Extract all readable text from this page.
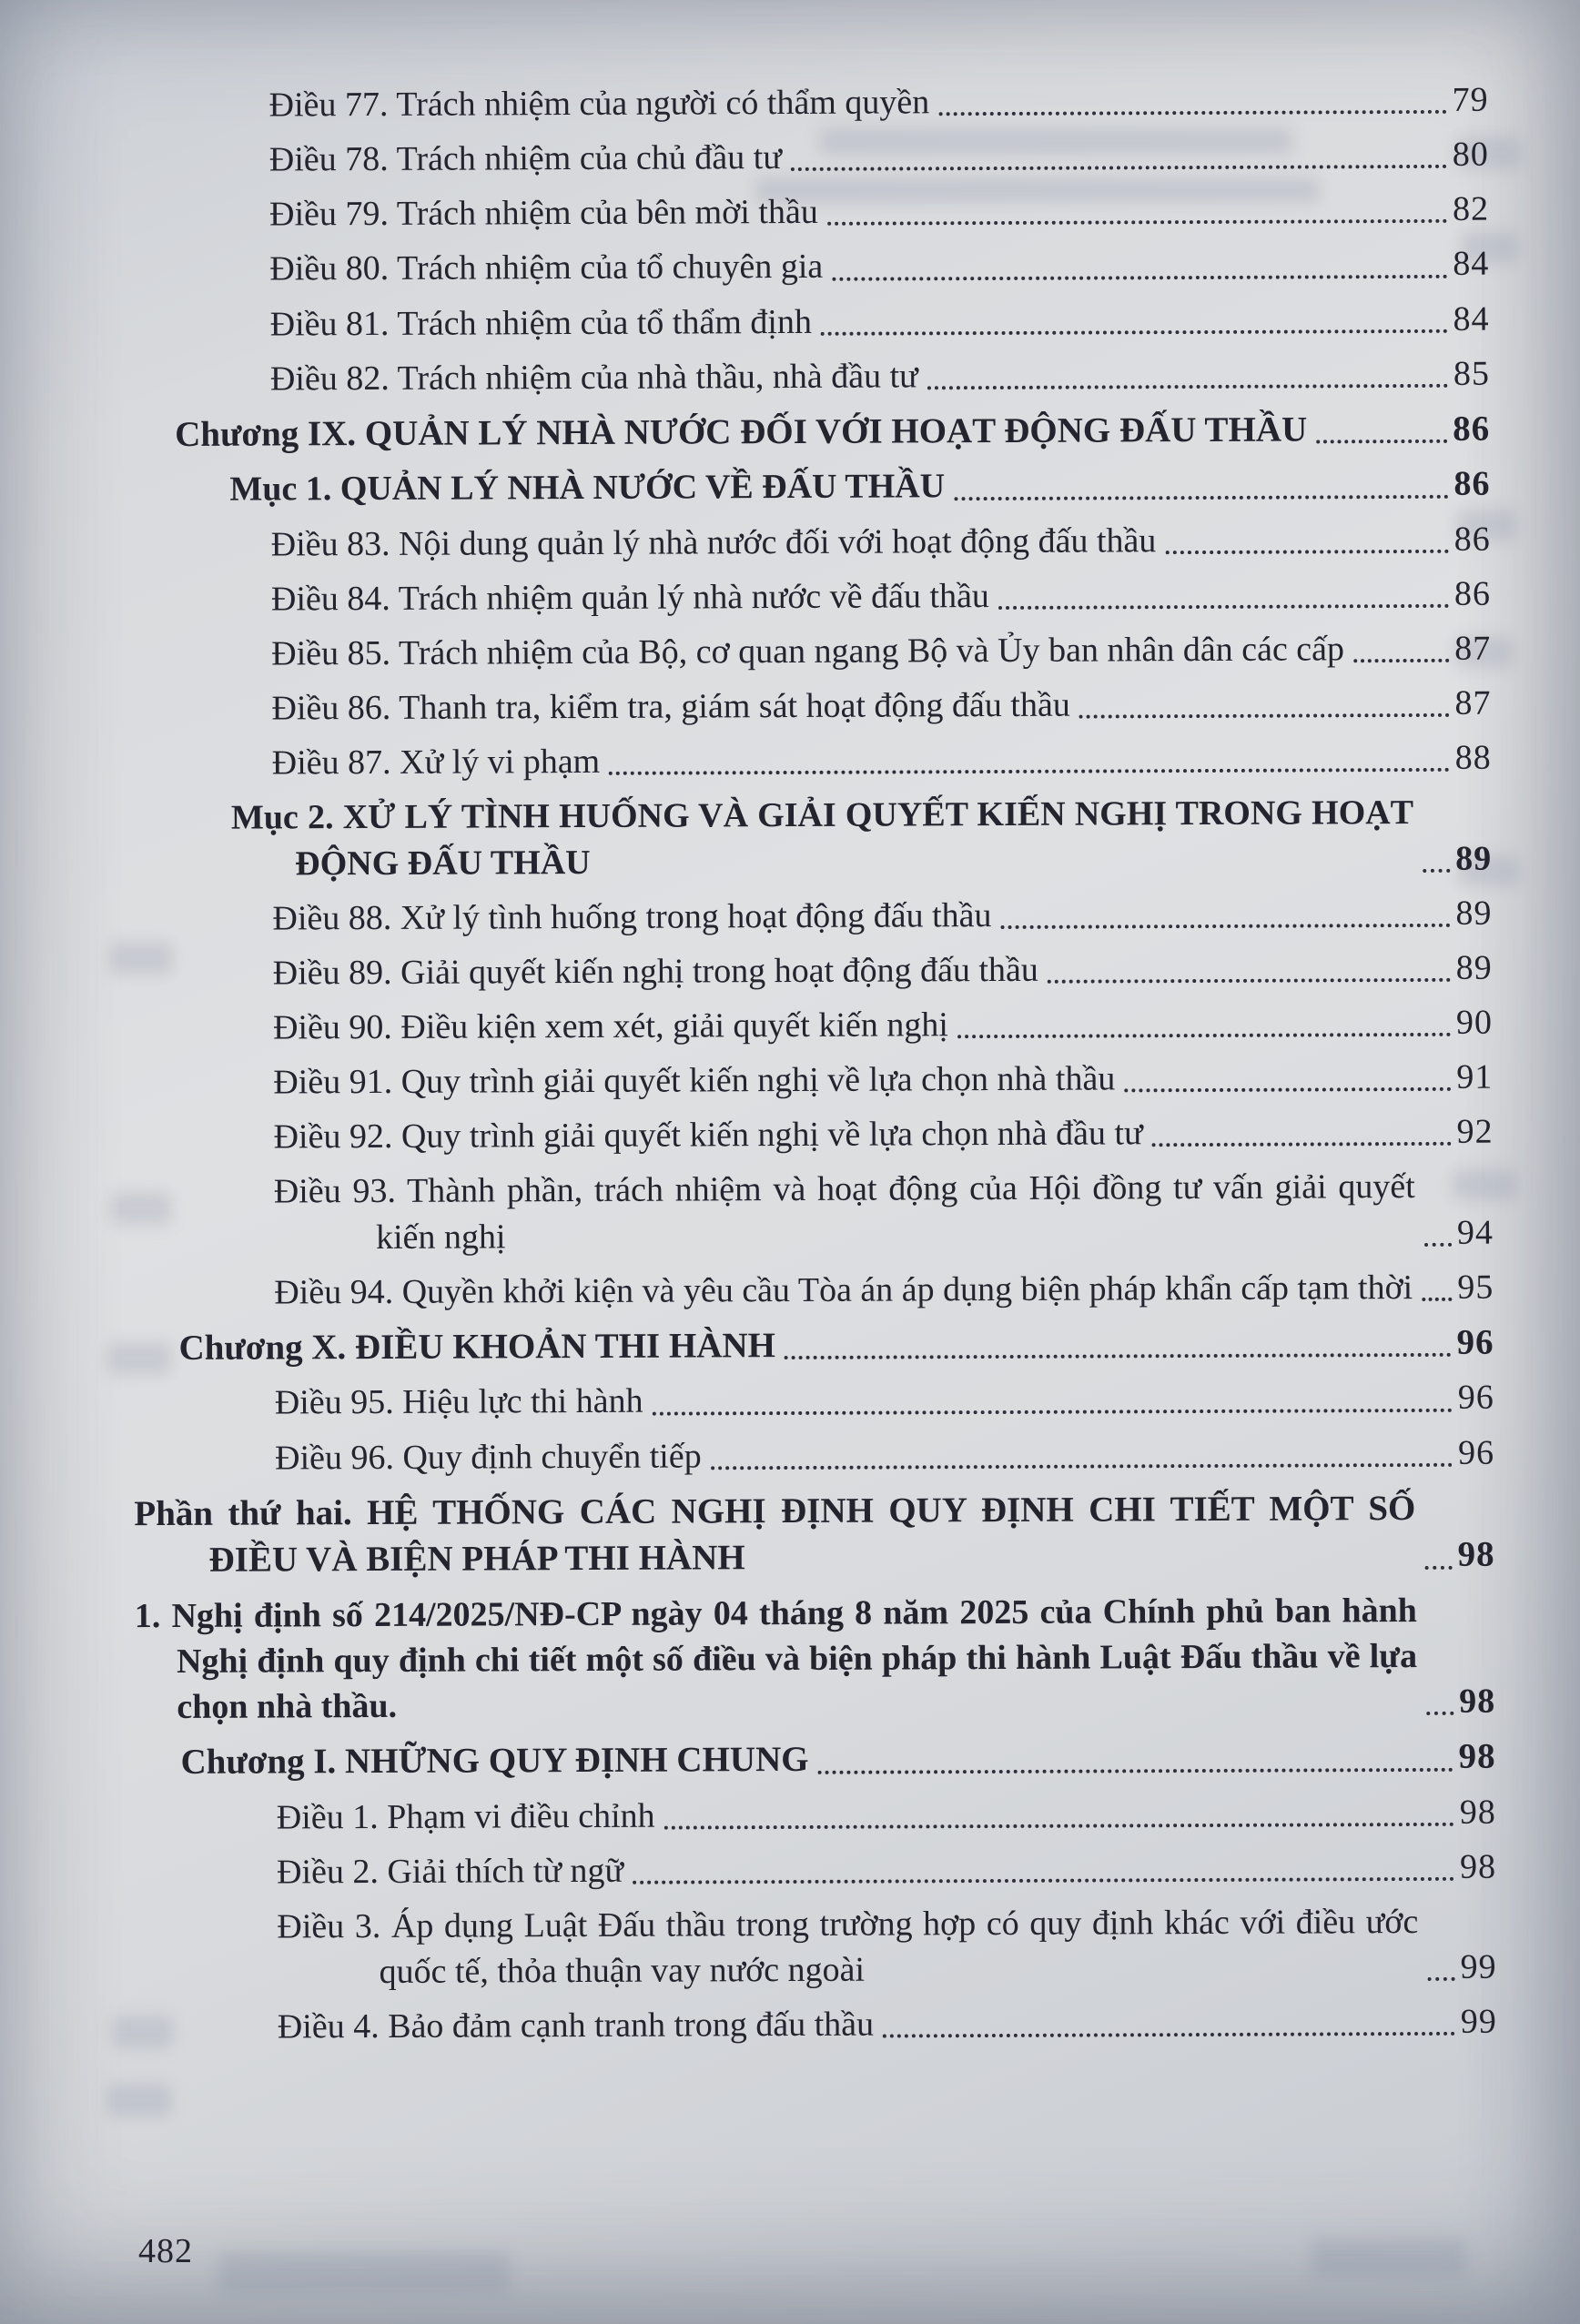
Điều 77. Trách nhiệm của người có thẩm quyền	79
Điều 78. Trách nhiệm của chủ đầu tư	80
Điều 79. Trách nhiệm của bên mời thầu	82
Điều 80. Trách nhiệm của tổ chuyên gia	84
Điều 81. Trách nhiệm của tổ thẩm định	84
Điều 82. Trách nhiệm của nhà thầu, nhà đầu tư	85
Chương IX. QUẢN LÝ NHÀ NƯỚC ĐỐI VỚI HOẠT ĐỘNG ĐẤU THẦU	86
Mục 1. QUẢN LÝ NHÀ NƯỚC VỀ ĐẤU THẦU	86
Điều 83. Nội dung quản lý nhà nước đối với hoạt động đấu thầu	86
Điều 84. Trách nhiệm quản lý nhà nước về đấu thầu	86
Điều 85. Trách nhiệm của Bộ, cơ quan ngang Bộ và Ủy ban nhân dân các cấp	87
Điều 86. Thanh tra, kiểm tra, giám sát hoạt động đấu thầu	87
Điều 87. Xử lý vi phạm	88
Mục 2. XỬ LÝ TÌNH HUỐNG VÀ GIẢI QUYẾT KIẾN NGHỊ TRONG HOẠT ĐỘNG ĐẤU THẦU	89
Điều 88. Xử lý tình huống trong hoạt động đấu thầu	89
Điều 89. Giải quyết kiến nghị trong hoạt động đấu thầu	89
Điều 90. Điều kiện xem xét, giải quyết kiến nghị	90
Điều 91. Quy trình giải quyết kiến nghị về lựa chọn nhà thầu	91
Điều 92. Quy trình giải quyết kiến nghị về lựa chọn nhà đầu tư	92
Điều 93. Thành phần, trách nhiệm và hoạt động của Hội đồng tư vấn giải quyết kiến nghị	94
Điều 94. Quyền khởi kiện và yêu cầu Tòa án áp dụng biện pháp khẩn cấp tạm thời 95
Chương X. ĐIỀU KHOẢN THI HÀNH	96
Điều 95. Hiệu lực thi hành	96
Điều 96. Quy định chuyển tiếp	96
Phần thứ hai. HỆ THỐNG CÁC NGHỊ ĐỊNH QUY ĐỊNH CHI TIẾT MỘT SỐ ĐIỀU VÀ BIỆN PHÁP THI HÀNH	98
1. Nghị định số 214/2025/NĐ-CP ngày 04 tháng 8 năm 2025 của Chính phủ ban hành Nghị định quy định chi tiết một số điều và biện pháp thi hành Luật Đấu thầu về lựa chọn nhà thầu.	98
Chương I. NHỮNG QUY ĐỊNH CHUNG	98
Điều 1. Phạm vi điều chỉnh	98
Điều 2. Giải thích từ ngữ	98
Điều 3. Áp dụng Luật Đấu thầu trong trường hợp có quy định khác với điều ước quốc tế, thỏa thuận vay nước ngoài	99
Điều 4. Bảo đảm cạnh tranh trong đấu thầu	99
482
